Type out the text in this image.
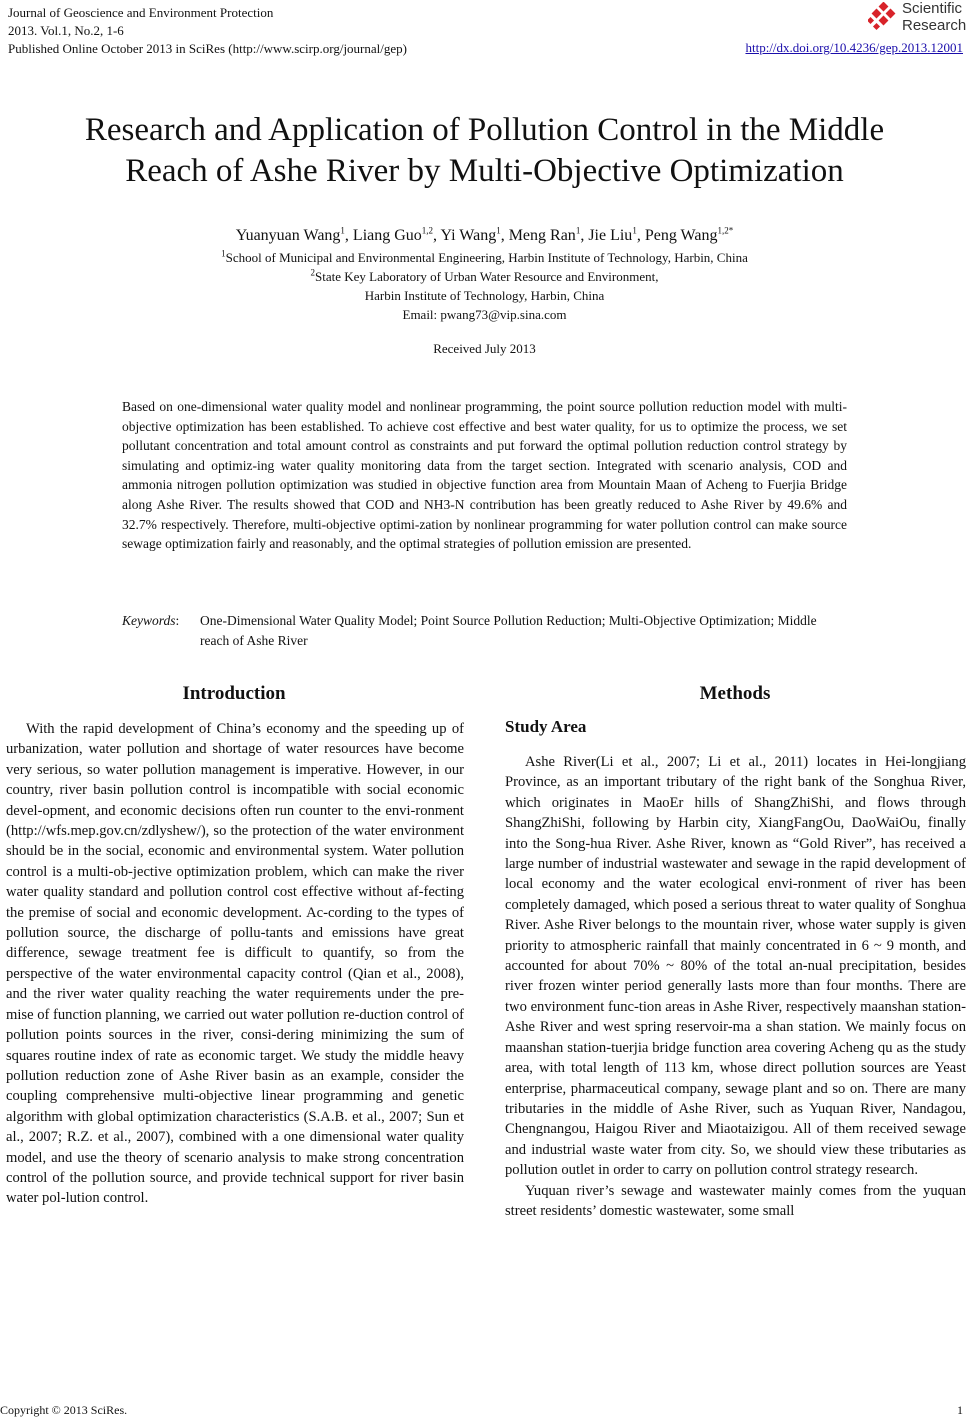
Journal of Geoscience and Environment Protection
2013. Vol.1, No.2, 1-6
Published Online October 2013 in SciRes (http://www.scirp.org/journal/gep)
Scientific
Research
http://dx.doi.org/10.4236/gep.2013.12001
Research and Application of Pollution Control in the Middle
Reach of Ashe River by Multi-Objective Optimization
Yuanyuan Wang$^1$, Liang Guo$^{1,2}$, Yi Wang$^1$, Meng Ran$^1$, Jie Liu$^1$, Peng Wang$^{1,2*}$
$^1$School of Municipal and Environmental Engineering, Harbin Institute of Technology, Harbin, China
$^2$State Key Laboratory of Urban Water Resource and Environment,
Harbin Institute of Technology, Harbin, China
Email: pwang73@vip.sina.com
Received July 2013
Based on one-dimensional water quality model and nonlinear programming, the point source pollution reduction model with multi-objective optimization has been established. To achieve cost effective and best water quality, for us to optimize the process, we set pollutant concentration and total amount control as constraints and put forward the optimal pollution reduction control strategy by simulating and optimiz-ing water quality monitoring data from the target section. Integrated with scenario analysis, COD and ammonia nitrogen pollution optimization was studied in objective function area from Mountain Maan of Acheng to Fuerjia Bridge along Ashe River. The results showed that COD and NH3-N contribution has been greatly reduced to Ashe River by 49.6% and 32.7% respectively. Therefore, multi-objective optimi-zation by nonlinear programming for water pollution control can make source sewage optimization fairly and reasonably, and the optimal strategies of pollution emission are presented.
Keywords: One-Dimensional Water Quality Model; Point Source Pollution Reduction; Multi-Objective Optimization; Middle reach of Ashe River
Introduction

With the rapid development of China’s economy and the speeding up of urbanization, water pollution and shortage of water resources have become very serious, so water pollution management is imperative. However, in our country, river basin pollution control is incompatible with social economic devel-opment, and economic decisions often run counter to the envi-ronment (http://wfs.mep.gov.cn/zdlyshew/), so the protection of the water environment should be in the social, economic and environmental system. Water pollution control is a multi-ob-jective optimization problem, which can make the river water quality standard and pollution control cost effective without af-fecting the premise of social and economic development. Ac-cording to the types of pollution source, the discharge of pollu-tants and emissions have great difference, sewage treatment fee is difficult to quantify, so from the perspective of the water environmental capacity control (Qian et al., 2008), and the river water quality reaching the water requirements under the pre-mise of function planning, we carried out water pollution re-duction control of pollution points sources in the river, consi-dering minimizing the sum of squares routine index of rate as economic target. We study the middle heavy pollution reduction zone of Ashe River basin as an example, consider the coupling comprehensive multi-objective linear programming and genetic algorithm with global optimization characteristics (S.A.B. et al., 2007; Sun et al., 2007; R.Z. et al., 2007), combined with a one dimensional water quality model, and use the theory of scenario analysis to make strong concentration control of the pollution source, and provide technical support for river basin water pol-lution control.

Methods
Study Area

Ashe River(Li et al., 2007; Li et al., 2011) locates in Hei-longjiang Province, as an important tributary of the right bank of the Songhua River, which originates in MaoEr hills of ShangZhiShi, and flows through ShangZhiShi, following by Harbin city, XiangFangOu, DaoWaiOu, finally into the Song-hua River. Ashe River, known as “Gold River”, has received a large number of industrial wastewater and sewage in the rapid development of local economy and the water ecological envi-ronment of river has been completely damaged, which posed a serious threat to water quality of Songhua River. Ashe River belongs to the mountain river, whose water supply is given priority to atmospheric rainfall that mainly concentrated in 6 ~ 9 month, and accounted for about 70% ~ 80% of the total an-nual precipitation, besides river frozen winter period generally lasts more than four months. There are two environment func-tion areas in Ashe River, respectively maanshan station-Ashe River and west spring reservoir-ma a shan station. We mainly focus on maanshan station-tuerjia bridge function area covering Acheng qu as the study area, with total length of 113 km, whose direct pollution sources are Yeast enterprise, pharmaceutical company, sewage plant and so on. There are many tributaries in the middle of Ashe River, such as Yuquan River, Nandagou, Chengnangou, Haigou River and Miaotaizigou. All of them received sewage and industrial waste water from city. So, we should view these tributaries as pollution outlet in order to carry on pollution control strategy research.

Yuquan river’s sewage and wastewater mainly comes from the yuquan street residents’ domestic wastewater, some small

Copyright © 2013 SciRes.	1
